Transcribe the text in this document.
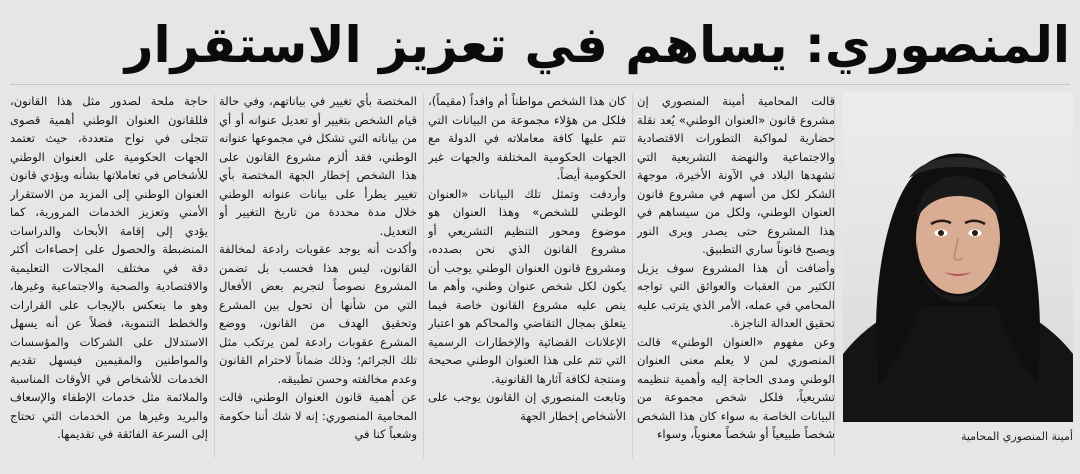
المنصوري: يساهم في تعزيز الاستقرار
أمينة المنصوري المحامية

قالت المحامية أمينة المنصوري إن مشروع قانون «العنوان الوطني» يُعد نقلة حضارية لمواكبة التطورات الاقتصادية والاجتماعية والنهضة التشريعية التي تشهدها البلاد في الآونة الأخيرة، موجهة الشكر لكل من أسهم في مشروع قانون العنوان الوطني، ولكل من سيساهم في هذا المشروع حتى يصدر ويرى النور ويصبح قانوناً ساري التطبيق.

وأضافت أن هذا المشروع سوف يزيل الكثير من العقبات والعوائق التي تواجه المحامي في عمله، الأمر الذي يترتب عليه تحقيق العدالة الناجزة.

وعن مفهوم «العنوان الوطني» قالت المنصوري لمن لا يعلم معنى العنوان الوطني ومدى الحاجة إليه وأهمية تنظيمه تشريعياً، فلكل شخص مجموعة من البيانات الخاصة به سواء كان هذا الشخص شخصاً طبيعياً أو شخصاً معنوياً، وسواء

كان هذا الشخص مواطناً أم وافداً (مقيماً)، فلكل من هؤلاء مجموعة من البيانات التي تتم عليها كافة معاملاته في الدولة مع الجهات الحكومية المختلفة والجهات غير الحكومية أيضاً.

وأردفت وتمثل تلك البيانات «العنوان الوطني للشخص» وهذا العنوان هو موضوع ومحور التنظيم التشريعي أو مشروع القانون الذي نحن بصدده، ومشروع قانون العنوان الوطني يوجب أن يكون لكل شخص عنوان وطني، وأهم ما ينص عليه مشروع القانون خاصة فيما يتعلق بمجال التقاضي والمحاكم هو اعتبار الإعلانات القضائية والإخطارات الرسمية التي تتم على هذا العنوان الوطني صحيحة ومنتجة لكافة آثارها القانونية.

وتابعت المنصوري إن القانون يوجب على الأشخاص إخطار الجهة

المختصة بأي تغيير في بياناتهم، وفي حالة قيام الشخص بتغيير أو تعديل عنوانه أو أي من بياناته التي تشكل في مجموعها عنوانه الوطني، فقد ألزم مشروع القانون على هذا الشخص إخطار الجهة المختصة بأي تغيير يطرأ على بيانات عنوانه الوطني خلال مدة محددة من تاريخ التغيير أو التعديل.

وأكدت أنه يوجد عقوبات رادعة لمخالفة القانون، ليس هذا فحسب بل تضمن المشروع نصوصاً لتجريم بعض الأفعال التي من شأنها أن تحول بين المشرع وتحقيق الهدف من القانون، ووضع المشرع عقوبات رادعة لمن يرتكب مثل تلك الجرائم؛ وذلك ضماناً لاحترام القانون وعدم مخالفته وحسن تطبيقه.

عن أهمية قانون العنوان الوطني، قالت المحامية المنصوري: إنه لا شك أننا حكومة وشعباً كنا في

حاجة ملحة لصدور مثل هذا القانون، فللقانون العنوان الوطني أهمية قصوى تتجلى في نواح متعددة، حيث تعتمد الجهات الحكومية على العنوان الوطني للأشخاص في تعاملاتها بشأنه ويؤدي قانون العنوان الوطني إلى المزيد من الاستقرار الأمني وتعزيز الخدمات المرورية، كما يؤدي إلى إقامة الأبحاث والدراسات المنضبطة والحصول على إحصاءات أكثر دقة في مختلف المجالات التعليمية والاقتصادية والصحية والاجتماعية وغيرها، وهو ما ينعكس بالإيجاب على القرارات والخطط التنموية، فضلاً عن أنه يسهل الاستدلال على الشركات والمؤسسات والمواطنين والمقيمين فيسهل تقديم الخدمات للأشخاص في الأوقات المناسبة والملائمة مثل خدمات الإطفاء والإسعاف والبريد وغيرها من الخدمات التي تحتاج إلى السرعة الفائقة في تقديمها.
